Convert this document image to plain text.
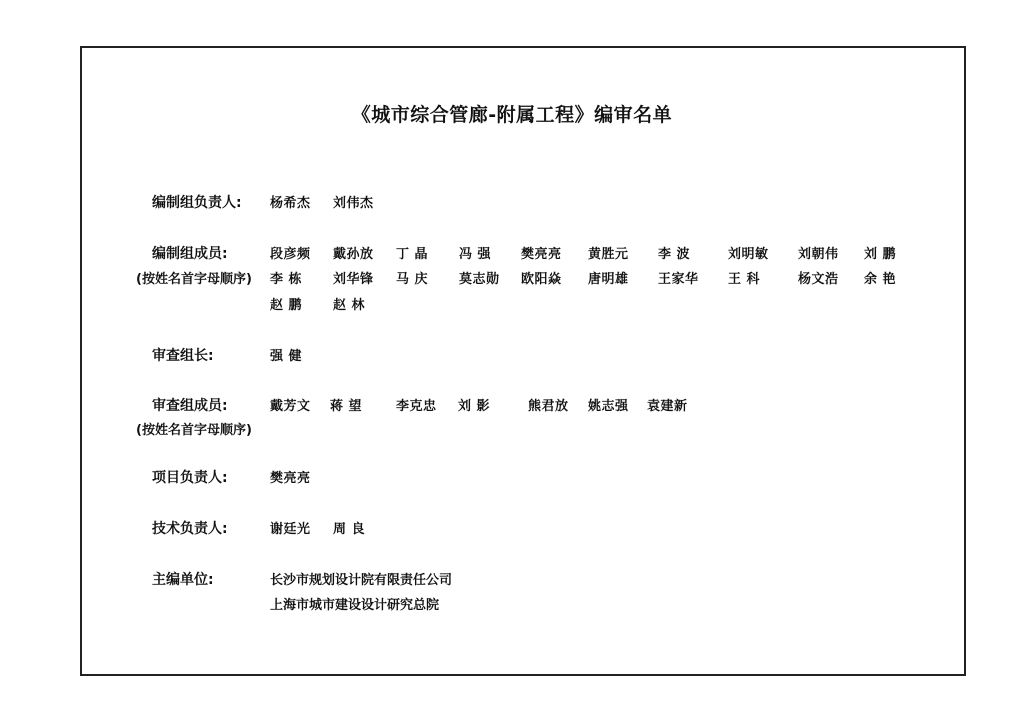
《城市综合管廊-附属工程》编审名单
编制组负责人: 杨希杰 刘伟杰
编制组成员:
(按姓名首字母顺序)
段彦频 戴孙放 丁 晶 冯 强 樊亮亮 黄胜元 李 波	刘明敏 刘朝伟 刘 鹏
李 栋 刘华锋 马 庆 莫志勋 欧阳焱 唐明雄 王家华 王 科	杨文浩 余 艳
赵 鹏 赵 林
审查组长:	强 健
审查组成员:
(按姓名首字母顺序)
戴芳文 蒋 望	李克忠 刘 影	熊君放 姚志强 袁建新
项目负责人:	樊亮亮
技术负责人:	谢廷光 周 良
主编单位:	长沙市规划设计院有限责任公司
上海市城市建设设计研究总院
